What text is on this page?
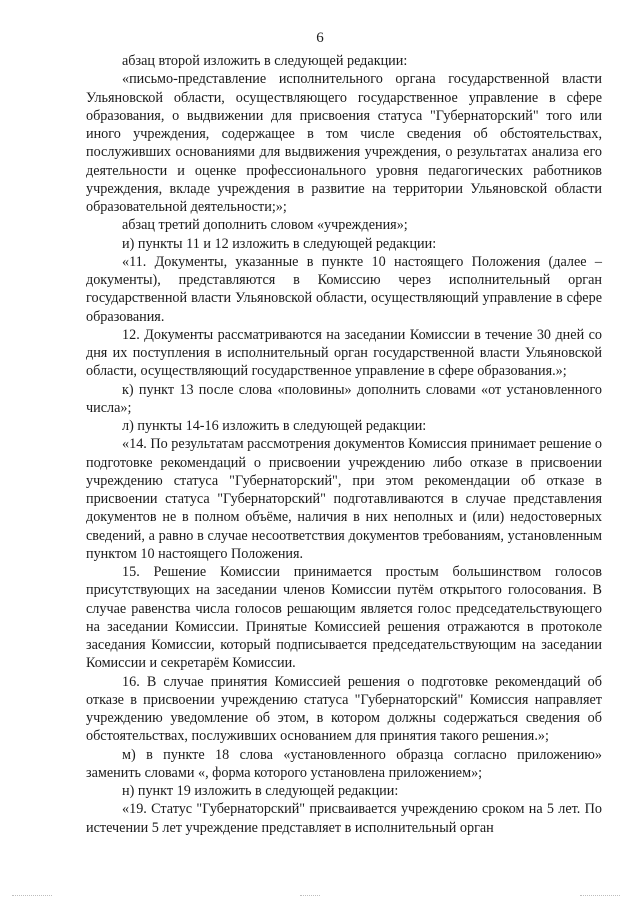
6

абзац второй изложить в следующей редакции:

«письмо-представление исполнительного органа государственной власти Ульяновской области, осуществляющего государственное управление в сфере образования, о выдвижении для присвоения статуса "Губернаторский" того или иного учреждения, содержащее в том числе сведения об обстоятельствах, послуживших основаниями для выдвижения учреждения, о результатах анализа его деятельности и оценке профессионального уровня педагогических работников учреждения, вкладе учреждения в развитие на территории Ульяновской области образовательной деятельности;»;

абзац третий дополнить словом «учреждения»;

и) пункты 11 и 12 изложить в следующей редакции:

«11. Документы, указанные в пункте 10 настоящего Положения (далее – документы), представляются в Комиссию через исполнительный орган государственной власти Ульяновской области, осуществляющий управление в сфере образования.

12. Документы рассматриваются на заседании Комиссии в течение 30 дней со дня их поступления в исполнительный орган государственной власти Ульяновской области, осуществляющий государственное управление в сфере образования.»;

к) пункт 13 после слова «половины» дополнить словами «от установленного числа»;

л) пункты 14-16 изложить в следующей редакции:

«14. По результатам рассмотрения документов Комиссия принимает решение о подготовке рекомендаций о присвоении учреждению либо отказе в присвоении учреждению статуса "Губернаторский", при этом рекомендации об отказе в присвоении статуса "Губернаторский" подготавливаются в случае представления документов не в полном объёме, наличия в них неполных и (или) недостоверных сведений, а равно в случае несоответствия документов требованиям, установленным пунктом 10 настоящего Положения.

15. Решение Комиссии принимается простым большинством голосов присутствующих на заседании членов Комиссии путём открытого голосования. В случае равенства числа голосов решающим является голос председательствующего на заседании Комиссии. Принятые Комиссией решения отражаются в протоколе заседания Комиссии, который подписывается председательствующим на заседании Комиссии и секретарём Комиссии.

16. В случае принятия Комиссией решения о подготовке рекомендаций об отказе в присвоении учреждению статуса "Губернаторский" Комиссия направляет учреждению уведомление об этом, в котором должны содержаться сведения об обстоятельствах, послуживших основанием для принятия такого решения.»;

м) в пункте 18 слова «установленного образца согласно приложению» заменить словами «, форма которого установлена приложением»;

н) пункт 19 изложить в следующей редакции:

«19. Статус "Губернаторский" присваивается учреждению сроком на 5 лет. По истечении 5 лет учреждение представляет в исполнительный орган
